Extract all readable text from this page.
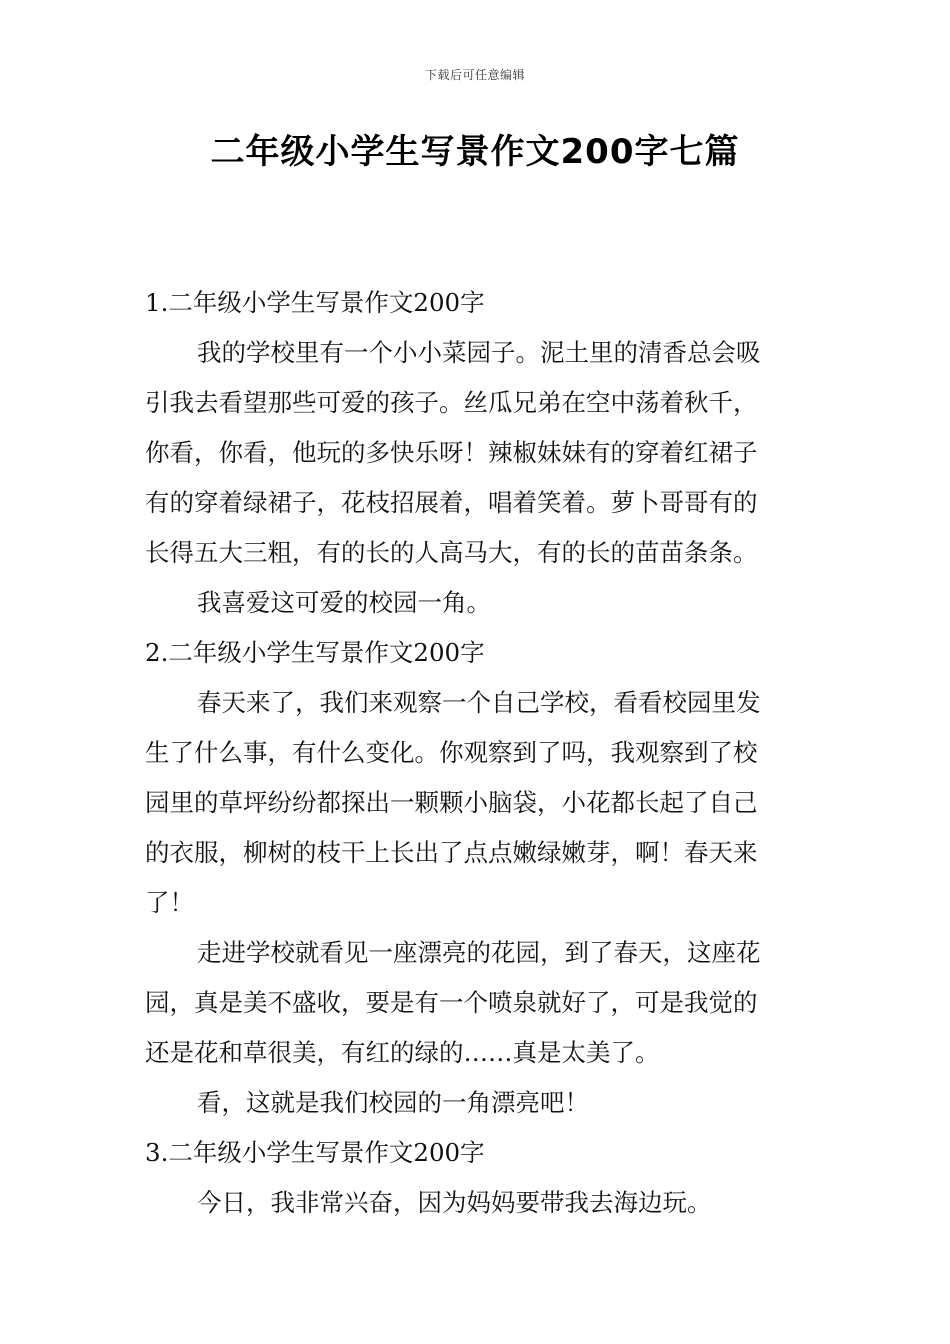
下载后可任意编辑
二年级小学生写景作文200字七篇
1.二年级小学生写景作文200字
我的学校里有一个小小菜园子。泥土里的清香总会吸
引我去看望那些可爱的孩子。丝瓜兄弟在空中荡着秋千，
你看，你看，他玩的多快乐呀！辣椒妹妹有的穿着红裙子
有的穿着绿裙子，花枝招展着，唱着笑着。萝卜哥哥有的
长得五大三粗，有的长的人高马大，有的长的苗苗条条。
我喜爱这可爱的校园一角。
2.二年级小学生写景作文200字
春天来了，我们来观察一个自己学校，看看校园里发
生了什么事，有什么变化。你观察到了吗，我观察到了校
园里的草坪纷纷都探出一颗颗小脑袋，小花都长起了自己
的衣服，柳树的枝干上长出了点点嫩绿嫩芽，啊！春天来
了！
走进学校就看见一座漂亮的花园，到了春天，这座花
园，真是美不盛收，要是有一个喷泉就好了，可是我觉的
还是花和草很美，有红的绿的……真是太美了。
看，这就是我们校园的一角漂亮吧！
3.二年级小学生写景作文200字
今日，我非常兴奋，因为妈妈要带我去海边玩。
